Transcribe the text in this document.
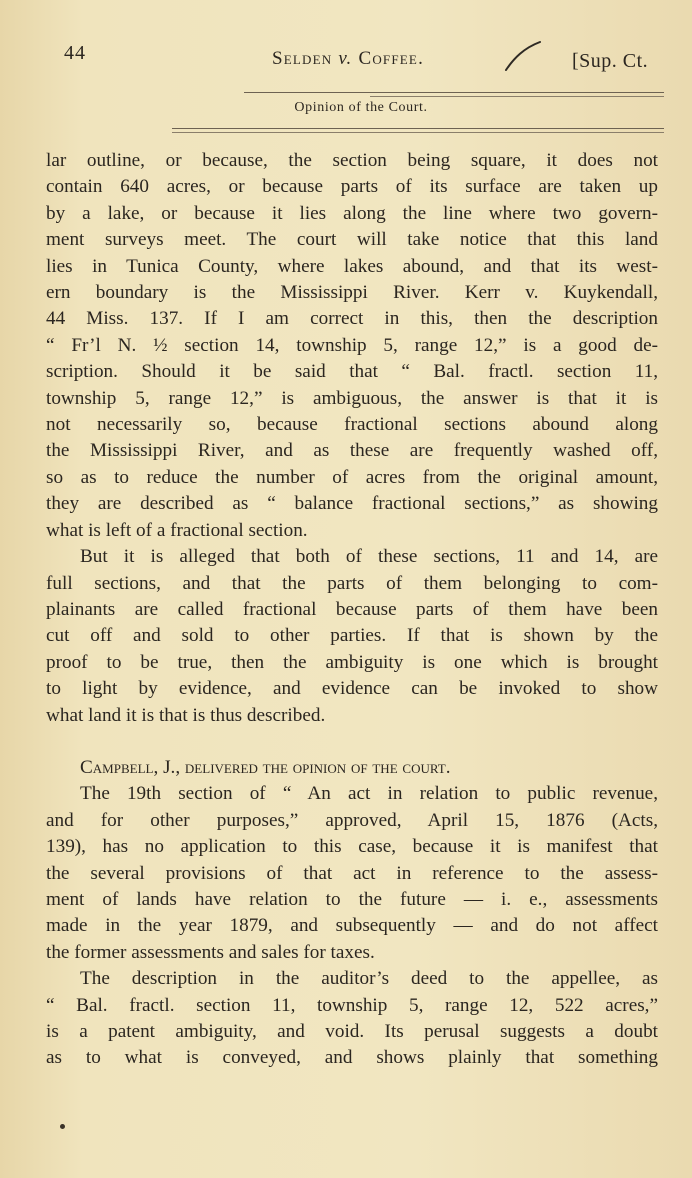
44	Selden v. Coffee.	[Sup. Ct.
Opinion of the Court.
lar outline, or because, the section being square, it does not
contain 640 acres, or because parts of its surface are taken up
by a lake, or because it lies along the line where two govern-
ment surveys meet. The court will take notice that this land
lies in Tunica County, where lakes abound, and that its west-
ern boundary is the Mississippi River. Kerr v. Kuykendall,
44 Miss. 137. If I am correct in this, then the description
“ Fr’l N. ½ section 14, township 5, range 12,” is a good de-
scription. Should it be said that “ Bal. fractl. section 11,
township 5, range 12,” is ambiguous, the answer is that it is
not necessarily so, because fractional sections abound along
the Mississippi River, and as these are frequently washed off,
so as to reduce the number of acres from the original amount,
they are described as “ balance fractional sections,” as showing
what is left of a fractional section.
But it is alleged that both of these sections, 11 and 14, are
full sections, and that the parts of them belonging to com-
plainants are called fractional because parts of them have been
cut off and sold to other parties. If that is shown by the
proof to be true, then the ambiguity is one which is brought
to light by evidence, and evidence can be invoked to show
what land it is that is thus described.
Campbell, J., delivered the opinion of the court.
The 19th section of “ An act in relation to public revenue,
and for other purposes,” approved, April 15, 1876 (Acts,
139), has no application to this case, because it is manifest that
the several provisions of that act in reference to the assess-
ment of lands have relation to the future — i. e., assessments
made in the year 1879, and subsequently — and do not affect
the former assessments and sales for taxes.
The description in the auditor’s deed to the appellee, as
“ Bal. fractl. section 11, township 5, range 12, 522 acres,”
is a patent ambiguity, and void. Its perusal suggests a doubt
as to what is conveyed, and shows plainly that something
